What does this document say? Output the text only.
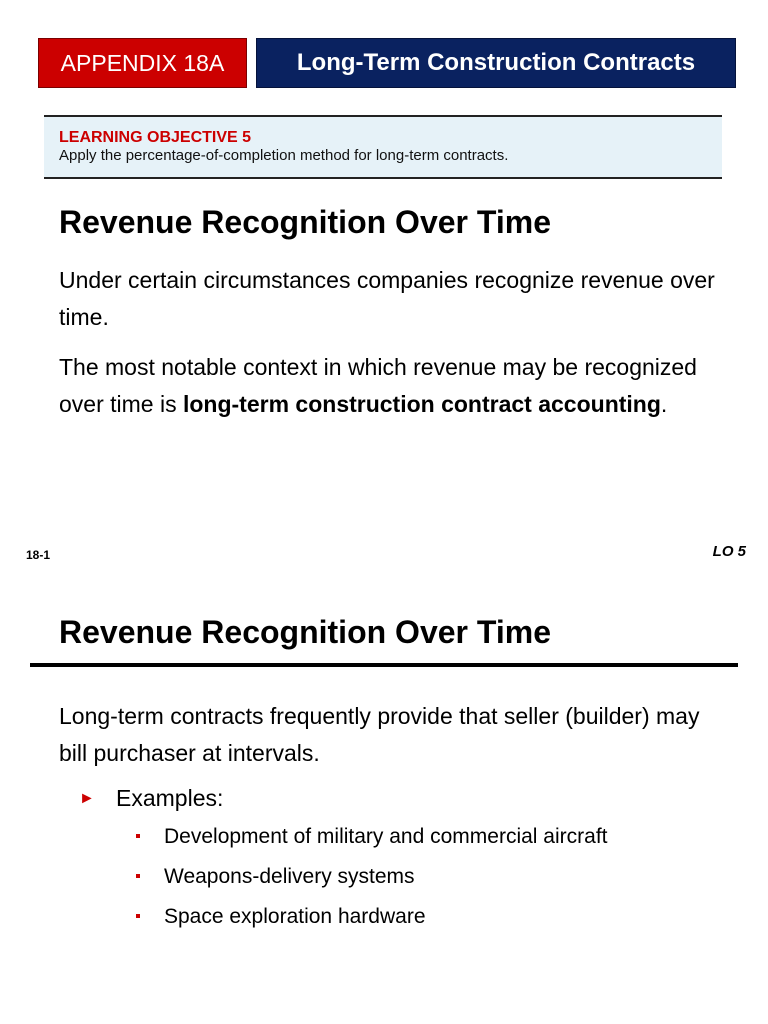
APPENDIX 18A	Long-Term Construction Contracts
LEARNING OBJECTIVE 5
Apply the percentage-of-completion method for long-term contracts.
Revenue Recognition Over Time

Under certain circumstances companies recognize revenue over time.

The most notable context in which revenue may be recognized over time is long-term construction contract accounting.

18-1	LO 5
Revenue Recognition Over Time

Long-term contracts frequently provide that seller (builder) may bill purchaser at intervals.

► Examples:
Development of military and commercial aircraft
Weapons-delivery systems
Space exploration hardware
